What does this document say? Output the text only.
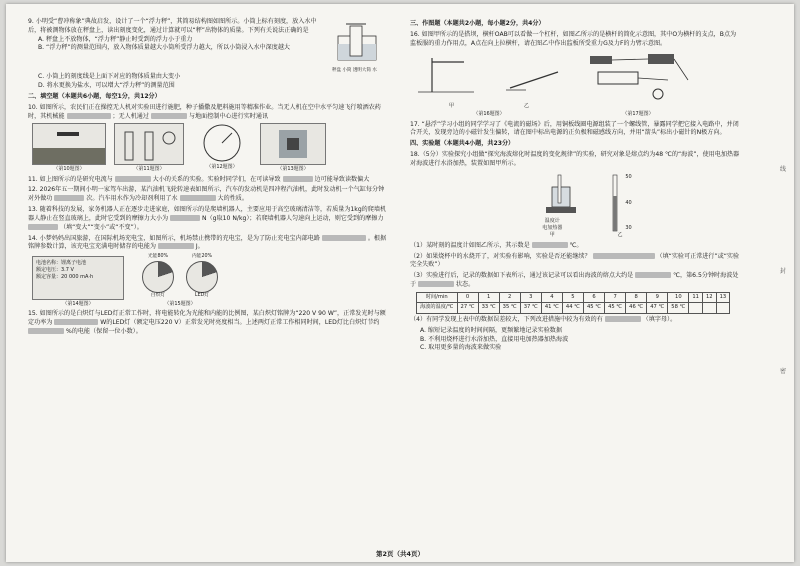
9. 小明受“曹冲称象”典故启发，设计了一个“浮力秤”，其简易结构图如图所示。小筒上标有刻度，放入水中后，将被测物体放在秤盘上，读出刻度变化，通过计算就可以“秤”出物体的质量。下列有关说法正确的是
A. 秤盘上不放物体，“浮力秤”静止时受到的浮力小于重力
B. “浮力秤”的测量范围内，放入物体质量越大小筒所受浮力越大，所以小筒浸入水中深度越大
秤盘 小筒 透明大筒 水
C. 小筒上的刻度线是上面下对应的物体质量由大变小
D. 将水更换为盐水，可以增大“浮力秤”的测量范围
二、填空题（本题共6小题，每空1分，共12分）
10. 如图所示，农民们正在操控无人机对实验田进行施肥，种子播撒及肥料施用等精准作业。当无人机在空中水平匀速飞行喷洒农药时，其机械能	；无人机通过	与地面控制中心进行实时通讯
（第10题图）	（第11题图）	（第12题图）	（第13题图）
11. 如上图所示的是研究电流与	大小的关系的实验。实验时同学们，在可读导致	边可能导致读数偏大
12. 2026年五一期间小明一家驾车出游，某汽油机飞轮转速表如图所示，汽车的发动机是四冲程汽油机，此时发动机一个气缸每分钟对外做功	次。汽车用水作为冷却剂利用了水	大的性质。
13. 随着科技的发展，家务机器人正在逐步走进家庭，如图所示的是爬墙机器人，主要应用于高空玻璃清洁等，若质量为1kg的爬墙机器人静止在竖直玻璃上，此时它受到的摩擦力大小为	N（g取10 N/kg）；若爬墙机器人匀速向上运动，则它受到的摩擦力  （填“变大”“变小”或“不变”）。
14. 小梦妈妈出国旅游，在国际机场充电宝，如图所示，机场禁止携带的充电宝，是为了防止充电宝内部电路	。根据铭牌参数计算，该充电宝充满电时储存的电能为	J。
电池名称：锂离子电池
额定电压：3.7 V
额定容量：20 000 mA·h
（第14题图）
光能80%
白炽灯
内能20%
LED灯
（第15题图）
15. 如图所示的是白炽灯与LED灯正常工作时，将电能转化为光能和内能的比例图，某白炽灯铭牌为“220 V 90 W”，正常发光时与额定功率为	W的LED灯（额定电压220 V）正常发光时亮度相当。上述两灯正常工作相同时间，LED灯比白炽灯节约  %的电能（保留一位小数）。
三、作图题（本题共2小题，每小题2分，共4分）
16. 如图甲所示的是搭坝，横杆OAB可以看做一个杠杆，如图乙所示的是横杆的简化示意图，其中O为横杆的支点，B点为监板服的重力作用点，A点在向上拉横杆，请在图乙中作出监板所受重力G及力F的力臂示意图。
甲	乙
（第16题图）	（第17题图）
17. “悬浮”学习小组的同学学习了《电流的磁场》后，用铜板线圈电源组装了一个螺线管，暴露同学把它接入电路中，并闭合开关，发现旁边的小磁针发生偏转，请在图中标出电源的正负极和磁感线方向，并用“箭头”标出小磁针的N极方向。
四、实验题（本题共4小题，共23分）
18.（5分）实验探究小组做“探究海波熔化时温度的变化规律”的实验，研究对象是熔点约为48 ℃的“海波”，使用电加热器对海波进行水浴加热，装置如图甲所示。
温度计
电加热器
甲
50
40
30
乙
（1）某时刻的温度计如图乙所示，其示数是	℃。
（2）如果烧杯中的水烧开了，对实验有影响，实验是否还能继续？	（填“实验可正常进行”或“实验完全失败”）
（3）实验进行后，记录的数据如下表所示，通过该记录可以看出海波的熔点大约是	℃，第6.5分钟时海波处于	状态。
时间/min	0	1	2	3	4	5	6	7	8	9	10	11	12	13
海波的温度/℃	27 ℃	33 ℃	35 ℃	37 ℃	41 ℃	44 ℃	45 ℃	45 ℃	46 ℃	47 ℃	58 ℃			
（4）有同学发现上表中的数据误差较大，下列改进措施中较为有效的有	（填字母）。
A. 缩短记录温度的时间间隔，更频繁地记录实验数据
B. 不利用烧杯进行水浴加热，直接用电加热器加热海波
C. 取用更多量的海波来做实验
线
封
密
第2页（共4页）
